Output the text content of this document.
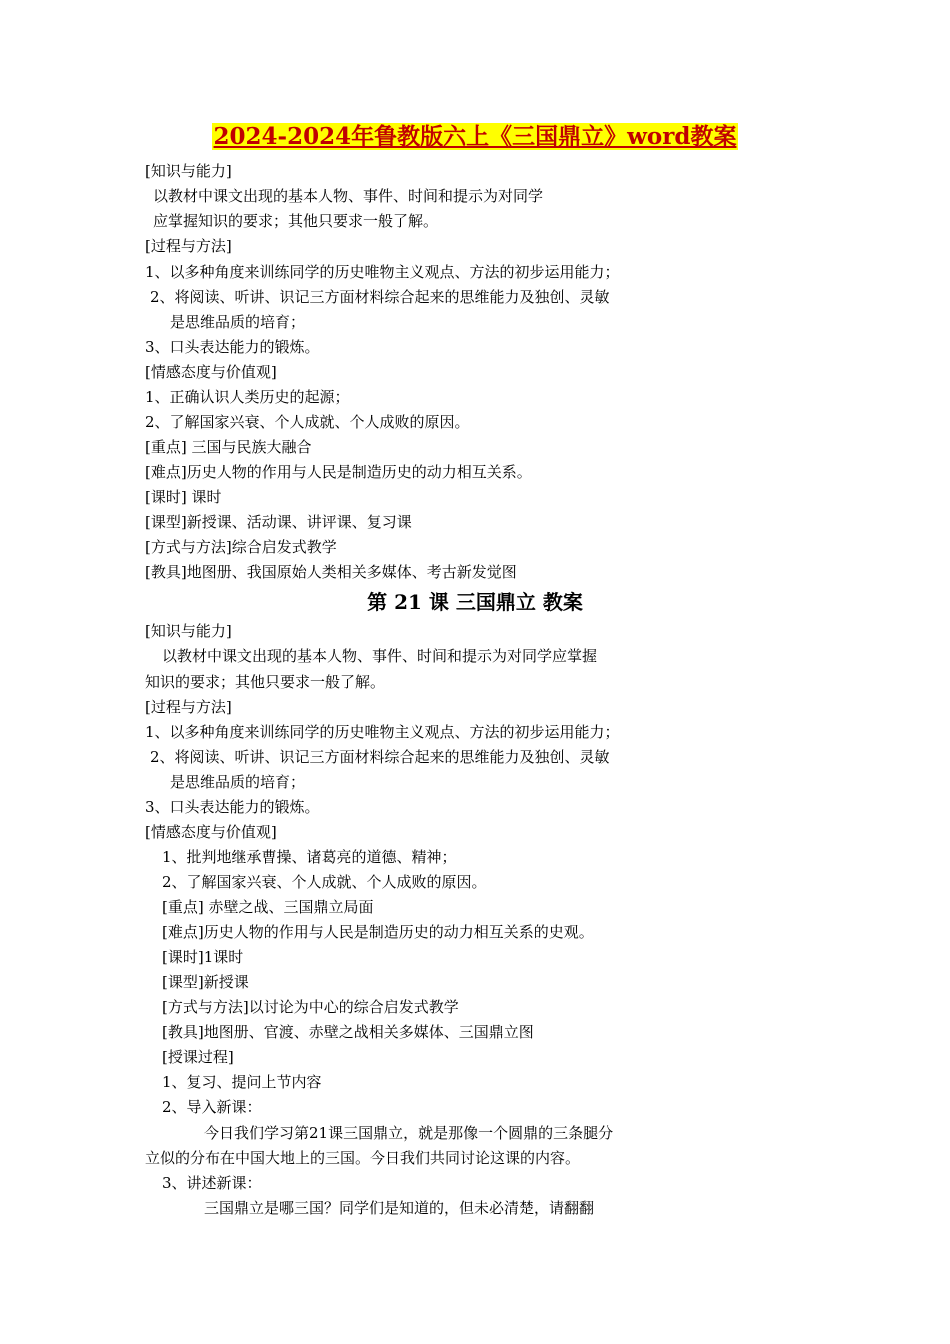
2024-2024年鲁教版六上《三国鼎立》word教案
[知识与能力]
以教材中课文出现的基本人物、事件、时间和提示为对同学
应掌握知识的要求；其他只要求一般了解。
[过程与方法]
1、以多种角度来训练同学的历史唯物主义观点、方法的初步运用能力；
2、将阅读、听讲、识记三方面材料综合起来的思维能力及独创、灵敏
是思维品质的培育；
3、口头表达能力的锻炼。
[情感态度与价值观]
1、正确认识人类历史的起源；
2、了解国家兴衰、个人成就、个人成败的原因。
[重点] 三国与民族大融合
[难点]历史人物的作用与人民是制造历史的动力相互关系。
[课时] 课时
[课型]新授课、活动课、讲评课、复习课
[方式与方法]综合启发式教学
[教具]地图册、我国原始人类相关多媒体、考古新发觉图
第 21 课 三国鼎立 教案
[知识与能力]
以教材中课文出现的基本人物、事件、时间和提示为对同学应掌握
知识的要求；其他只要求一般了解。
[过程与方法]
1、以多种角度来训练同学的历史唯物主义观点、方法的初步运用能力；
2、将阅读、听讲、识记三方面材料综合起来的思维能力及独创、灵敏
是思维品质的培育；
3、口头表达能力的锻炼。
[情感态度与价值观]
1、批判地继承曹操、诸葛亮的道德、精神；
2、了解国家兴衰、个人成就、个人成败的原因。
[重点] 赤壁之战、三国鼎立局面
[难点]历史人物的作用与人民是制造历史的动力相互关系的史观。
[课时]1课时
[课型]新授课
[方式与方法]以讨论为中心的综合启发式教学
[教具]地图册、官渡、赤壁之战相关多媒体、三国鼎立图
[授课过程]
1、复习、提问上节内容
2、导入新课：
今日我们学习第21课三国鼎立，就是那像一个圆鼎的三条腿分
立似的分布在中国大地上的三国。今日我们共同讨论这课的内容。
3、讲述新课：
三国鼎立是哪三国？同学们是知道的，但未必清楚，请翻翻
